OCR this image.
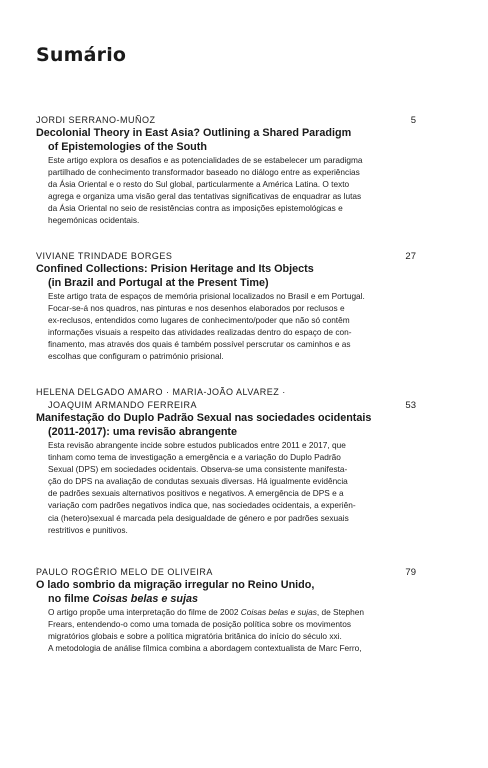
Sumário
JORDI SERRANO-MUÑOZ	5
Decolonial Theory in East Asia? Outlining a Shared Paradigm
of Epistemologies of the South
Este artigo explora os desafios e as potencialidades de se estabelecer um paradigma
partilhado de conhecimento transformador baseado no diálogo entre as experiências
da Ásia Oriental e o resto do Sul global, particularmente a América Latina. O texto
agrega e organiza uma visão geral das tentativas significativas de enquadrar as lutas
da Ásia Oriental no seio de resistências contra as imposições epistemológicas e
hegemónicas ocidentais.
VIVIANE TRINDADE BORGES	27
Confined Collections: Prision Heritage and Its Objects
(in Brazil and Portugal at the Present Time)
Este artigo trata de espaços de memória prisional localizados no Brasil e em Portugal.
Focar-se-á nos quadros, nas pinturas e nos desenhos elaborados por reclusos e
ex-reclusos, entendidos como lugares de conhecimento/poder que não só contêm
informações visuais a respeito das atividades realizadas dentro do espaço de con-
finamento, mas através dos quais é também possível perscrutar os caminhos e as
escolhas que configuram o património prisional.
HELENA DELGADO AMARO · MARIA-JOÃO ALVAREZ ·
JOAQUIM ARMANDO FERREIRA	53
Manifestação do Duplo Padrão Sexual nas sociedades ocidentais
(2011-2017): uma revisão abrangente
Esta revisão abrangente incide sobre estudos publicados entre 2011 e 2017, que
tinham como tema de investigação a emergência e a variação do Duplo Padrão
Sexual (DPS) em sociedades ocidentais. Observa-se uma consistente manifesta-
ção do DPS na avaliação de condutas sexuais diversas. Há igualmente evidência
de padrões sexuais alternativos positivos e negativos. A emergência de DPS e a
variação com padrões negativos indica que, nas sociedades ocidentais, a experiên-
cia (hetero)sexual é marcada pela desigualdade de género e por padrões sexuais
restritivos e punitivos.
PAULO ROGÉRIO MELO DE OLIVEIRA	79
O lado sombrio da migração irregular no Reino Unido,
no filme Coisas belas e sujas
O artigo propõe uma interpretação do filme de 2002 Coisas belas e sujas, de Stephen
Frears, entendendo-o como uma tomada de posição política sobre os movimentos
migratórios globais e sobre a política migratória britânica do início do século xxi.
A metodologia de análise fílmica combina a abordagem contextualista de Marc Ferro,
